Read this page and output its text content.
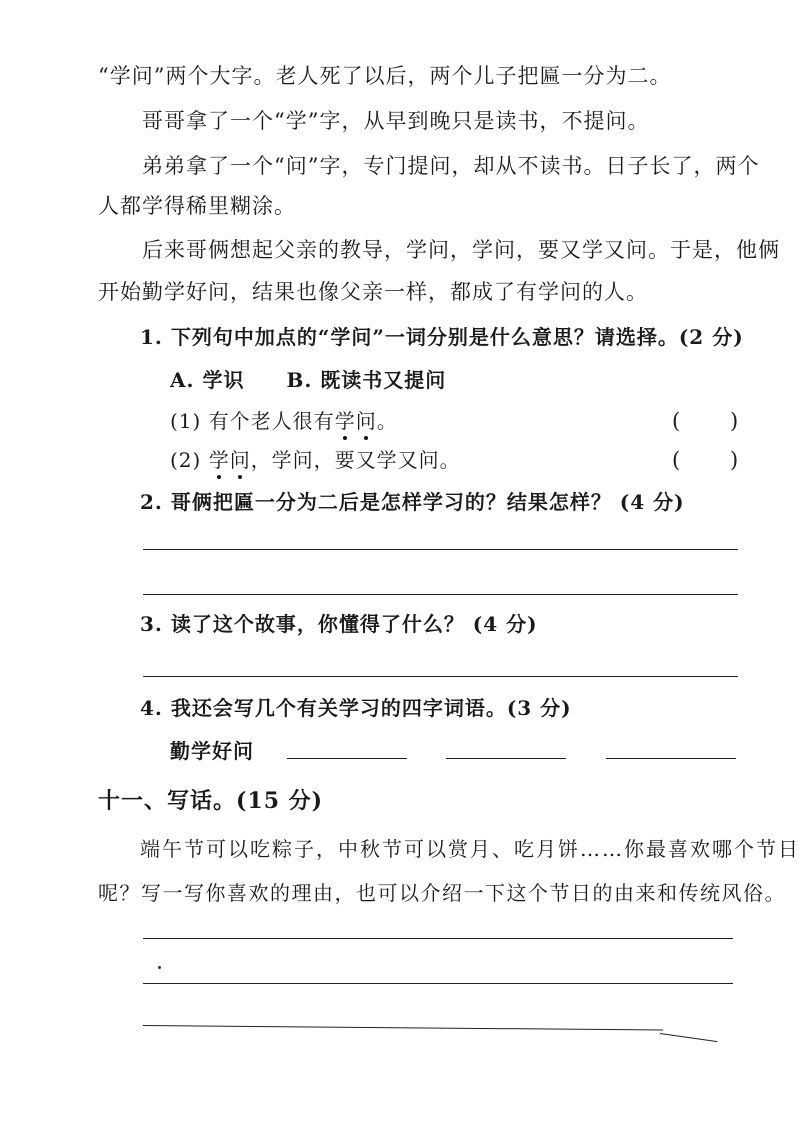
“学问”两个大字。老人死了以后，两个儿子把匾一分为二。
哥哥拿了一个“学”字，从早到晚只是读书，不提问。
弟弟拿了一个“问”字，专门提问，却从不读书。日子长了，两个
人都学得稀里糊涂。
后来哥俩想起父亲的教导，学问，学问，要又学又问。于是，他俩
开始勤学好问，结果也像父亲一样，都成了有学问的人。
1. 下列句中加点的“学问”一词分别是什么意思？请选择。(2 分)
A. 学识　　B. 既读书又提问
(1) 有个老人很有学问。	( )
(2) 学问，学问，要又学又问。	( )
2. 哥俩把匾一分为二后是怎样学习的？结果怎样？ (4 分)
3. 读了这个故事，你懂得了什么？ (4 分)
4. 我还会写几个有关学习的四字词语。(3 分)
勤学好问
十一、写话。(15 分)
端午节可以吃粽子，中秋节可以赏月、吃月饼……你最喜欢哪个节日
呢？写一写你喜欢的理由，也可以介绍一下这个节日的由来和传统风俗。
